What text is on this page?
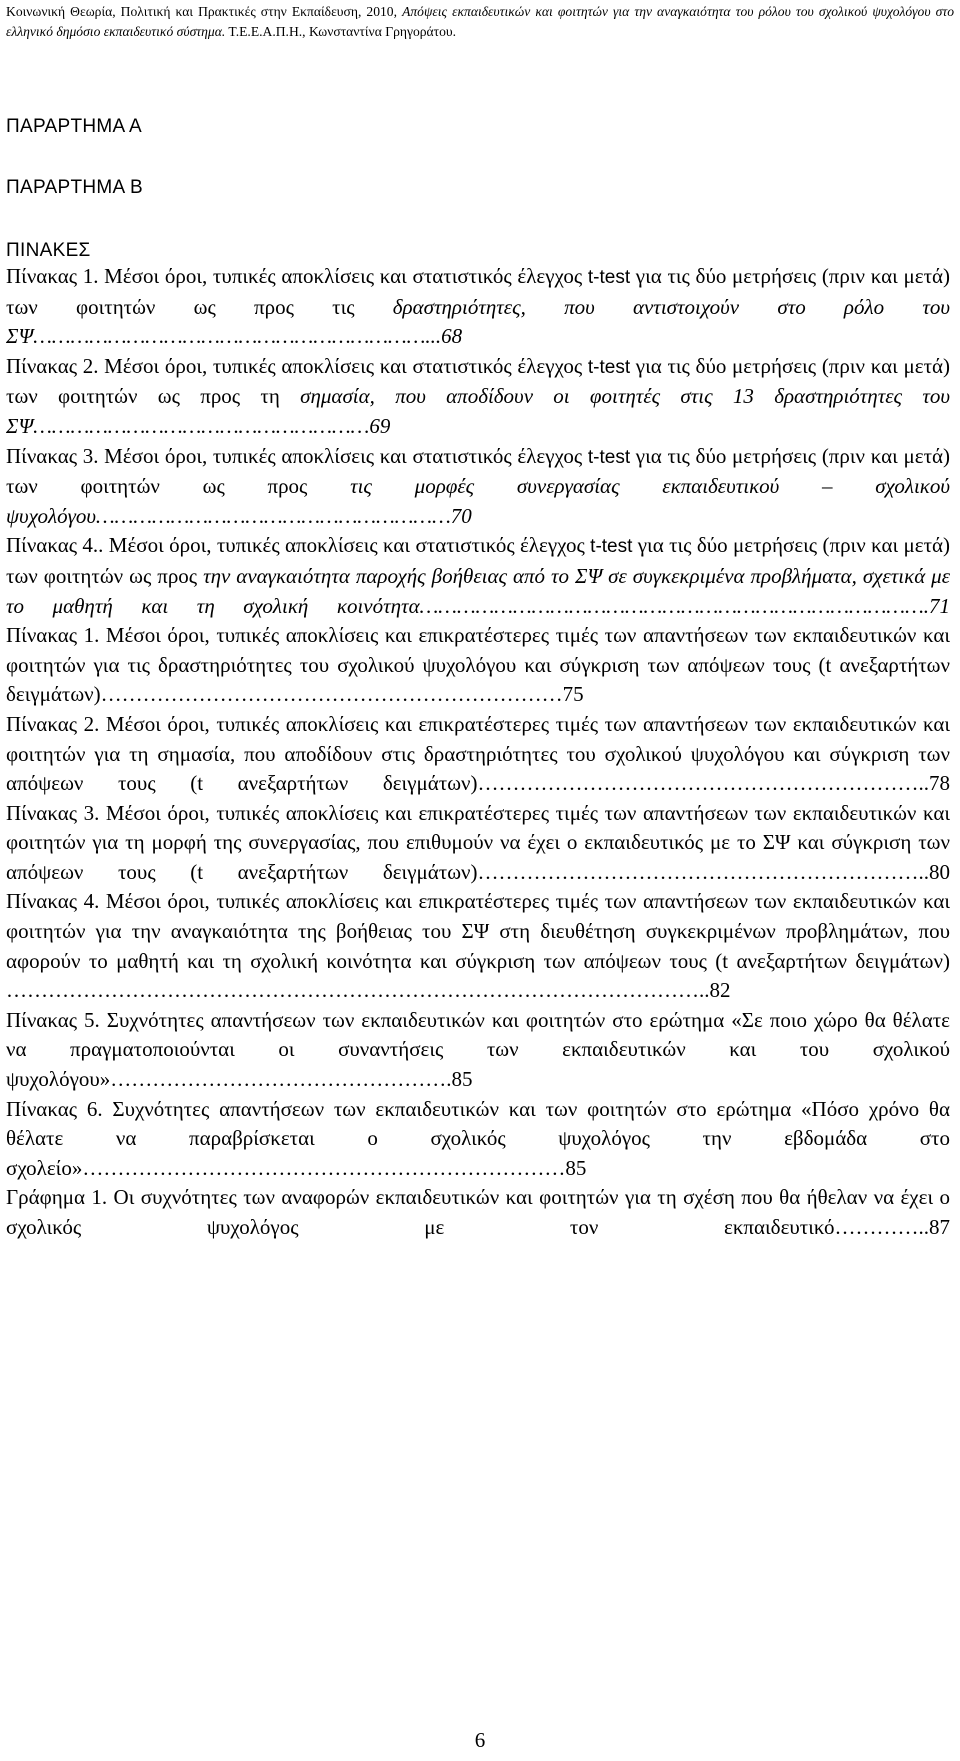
Κοινωνική Θεωρία, Πολιτική και Πρακτικές στην Εκπαίδευση, 2010, Απόψεις εκπαιδευτικών και φοιτητών για την αναγκαιότητα του ρόλου του σχολικού ψυχολόγου στο ελληνικό δημόσιο εκπαιδευτικό σύστημα. Τ.Ε.Ε.Α.Π.Η., Κωνσταντίνα Γρηγοράτου.
ΠΑΡΑΡΤΗΜΑ Α
ΠΑΡΑΡΤΗΜΑ Β
ΠΙΝΑΚΕΣ
Πίνακας 1. Μέσοι όροι, τυπικές αποκλίσεις και στατιστικός έλεγχος t-test για τις δύο μετρήσεις (πριν και μετά) των φοιτητών ως προς τις δραστηριότητες, που αντιστοιχούν στο ρόλο του ΣΨ………………………………………………………...68
Πίνακας 2. Μέσοι όροι, τυπικές αποκλίσεις και στατιστικός έλεγχος t-test για τις δύο μετρήσεις (πριν και μετά) των φοιτητών ως προς τη σημασία, που αποδίδουν οι φοιτητές στις 13 δραστηριότητες του ΣΨ………………………………………………69
Πίνακας 3. Μέσοι όροι, τυπικές αποκλίσεις και στατιστικός έλεγχος t-test για τις δύο μετρήσεις (πριν και μετά) των φοιτητών ως προς τις μορφές συνεργασίας εκπαιδευτικού – σχολικού ψυχολόγου…………………………………………………70
Πίνακας 4.. Μέσοι όροι, τυπικές αποκλίσεις και στατιστικός έλεγχος t-test για τις δύο μετρήσεις (πριν και μετά) των φοιτητών ως προς την αναγκαιότητα παροχής βοήθειας από το ΣΨ σε συγκεκριμένα προβλήματα, σχετικά με το μαθητή και τη σχολική κοινότητα……………………………………………………………………….71
Πίνακας 1. Μέσοι όροι, τυπικές αποκλίσεις και επικρατέστερες τιμές των απαντήσεων των εκπαιδευτικών και φοιτητών για τις δραστηριότητες του σχολικού ψυχολόγου και σύγκριση των απόψεων τους (t ανεξαρτήτων δειγμάτων)…………………………………………………………75
Πίνακας 2. Μέσοι όροι, τυπικές αποκλίσεις και επικρατέστερες τιμές των απαντήσεων των εκπαιδευτικών και φοιτητών για τη σημασία, που αποδίδουν στις δραστηριότητες του σχολικού ψυχολόγου και σύγκριση των απόψεων τους (t ανεξαρτήτων δειγμάτων)………………………………………………………..78
Πίνακας 3. Μέσοι όροι, τυπικές αποκλίσεις και επικρατέστερες τιμές των απαντήσεων των εκπαιδευτικών και φοιτητών για τη μορφή της συνεργασίας, που επιθυμούν να έχει ο εκπαιδευτικός με το ΣΨ και σύγκριση των απόψεων τους (t ανεξαρτήτων δειγμάτων)………………………………………………………..80
Πίνακας 4. Μέσοι όροι, τυπικές αποκλίσεις και επικρατέστερες τιμές των απαντήσεων των εκπαιδευτικών και φοιτητών για την αναγκαιότητα της βοήθειας του ΣΨ στη διευθέτηση συγκεκριμένων προβλημάτων, που αφορούν το μαθητή και τη σχολική κοινότητα και σύγκριση των απόψεων τους (t ανεξαρτήτων δειγμάτων) ………………………………………………………………………………………..82
Πίνακας 5. Συχνότητες απαντήσεων των εκπαιδευτικών και φοιτητών στο ερώτημα «Σε ποιο χώρο θα θέλατε να πραγματοποιούνται οι συναντήσεις των εκπαιδευτικών και του σχολικού ψυχολόγου»………………………………………….85
Πίνακας 6. Συχνότητες απαντήσεων των εκπαιδευτικών και των φοιτητών στο ερώτημα «Πόσο χρόνο θα θέλατε να παραβρίσκεται ο σχολικός ψυχολόγος την εβδομάδα στο σχολείο»……………………………………………………………85
Γράφημα 1. Οι συχνότητες των αναφορών εκπαιδευτικών και φοιτητών για τη σχέση που θα ήθελαν να έχει ο σχολικός ψυχολόγος με τον εκπαιδευτικό…………..87
6
